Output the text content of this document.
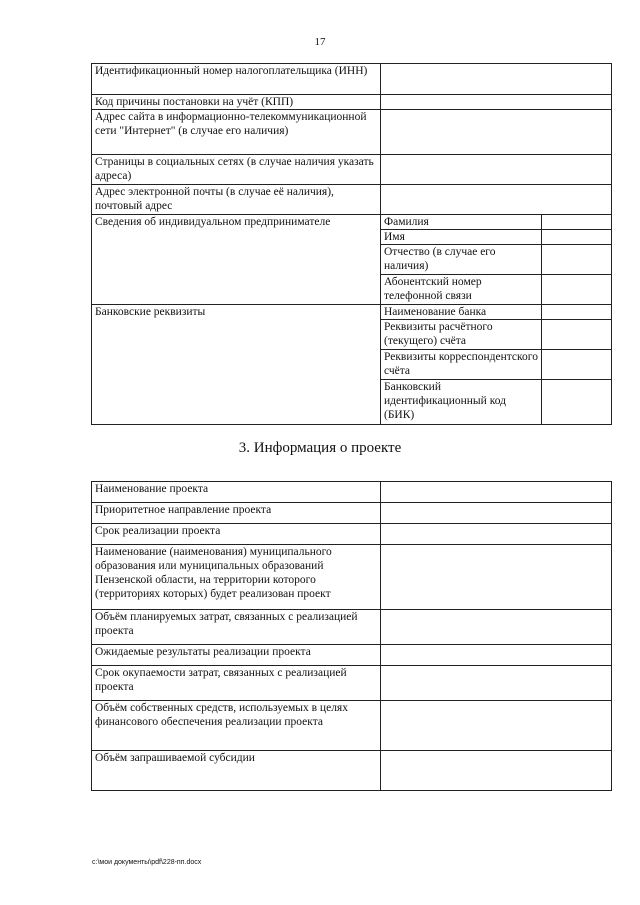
17
Идентификационный номер налогоплательщика (ИНН)		
Код причины постановки на учёт (КПП)		
Адрес сайта в информационно-телекоммуникационной сети "Интернет" (в случае его наличия)		
Страницы в социальных сетях (в случае наличия указать адреса)		
Адрес электронной почты (в случае её наличия), почтовый адрес		
Сведения об индивидуальном предпринимателе	Фамилия	
	Имя	
	Отчество (в случае его наличия)	
	Абонентский номер телефонной связи	
Банковские реквизиты	Наименование банка	
	Реквизиты расчётного (текущего) счёта	
	Реквизиты корреспондентского счёта	
	Банковский идентификационный код (БИК)	
3. Информация о проекте
Наименование проекта	
Приоритетное направление проекта	
Срок реализации проекта	
Наименование (наименования) муниципального образования или муниципальных образований Пензенской области, на территории которого (территориях которых) будет реализован проект	
Объём планируемых затрат, связанных с реализацией проекта	
Ожидаемые результаты реализации проекта	
Срок окупаемости затрат, связанных с реализацией проекта	
Объём собственных средств, используемых в целях финансового обеспечения реализации проекта	
Объём запрашиваемой субсидии	
c:\мои документы\pdf\228-пп.docx
